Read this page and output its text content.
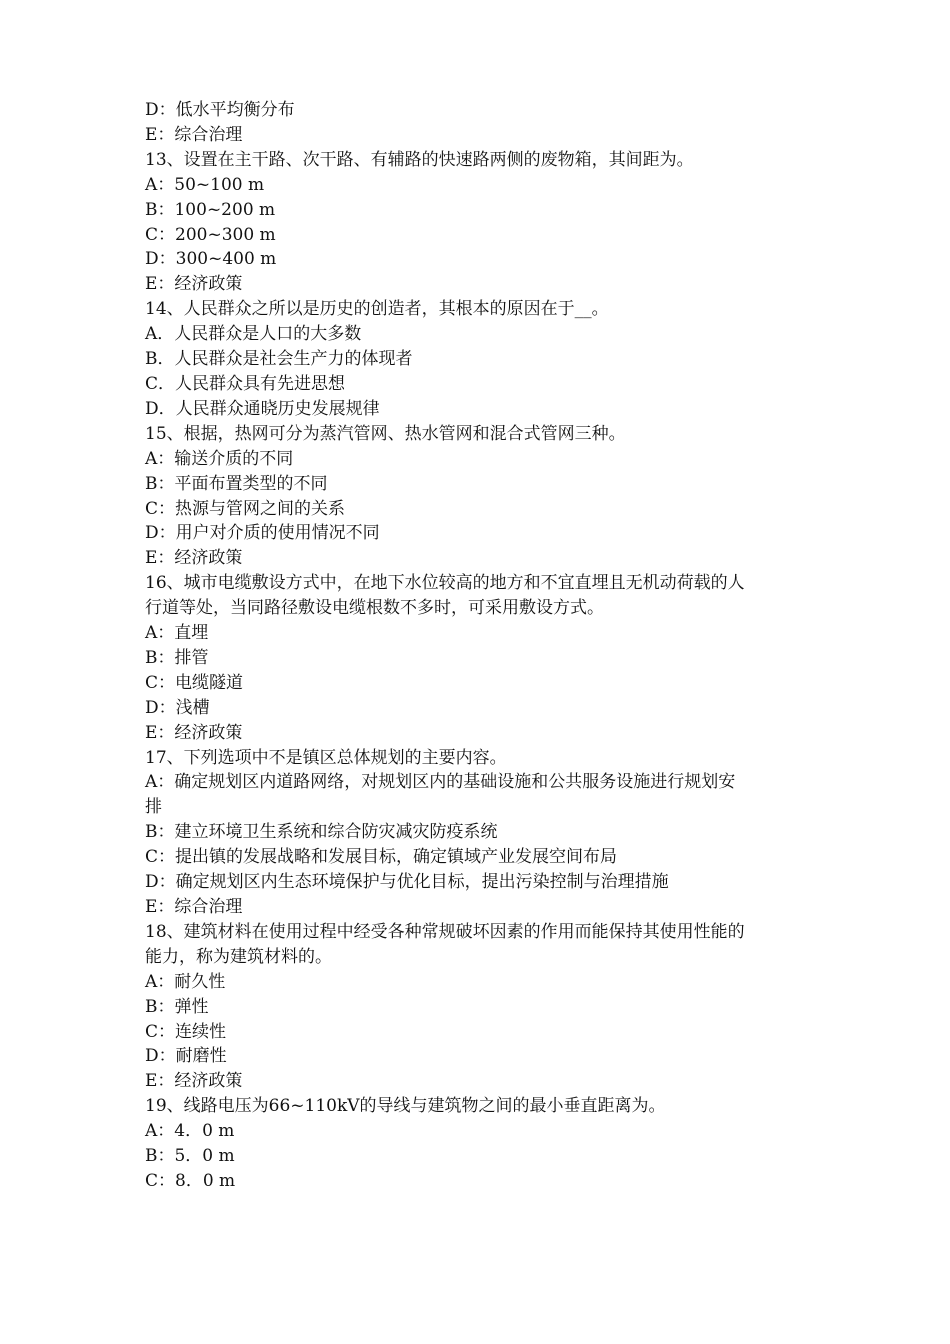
D：低水平均衡分布
E：综合治理
13、设置在主干路、次干路、有辅路的快速路两侧的废物箱，其间距为。
A：50~100 m
B：100~200 m
C：200~300 m
D：300~400 m
E：经济政策
14、人民群众之所以是历史的创造者，其根本的原因在于__。
A．人民群众是人口的大多数
B．人民群众是社会生产力的体现者
C．人民群众具有先进思想
D．人民群众通晓历史发展规律
15、根据，热网可分为蒸汽管网、热水管网和混合式管网三种。
A：输送介质的不同
B：平面布置类型的不同
C：热源与管网之间的关系
D：用户对介质的使用情况不同
E：经济政策
16、城市电缆敷设方式中，在地下水位较高的地方和不宜直埋且无机动荷载的人
行道等处，当同路径敷设电缆根数不多时，可采用敷设方式。
A：直埋
B：排管
C：电缆隧道
D：浅槽
E：经济政策
17、下列选项中不是镇区总体规划的主要内容。
A：确定规划区内道路网络，对规划区内的基础设施和公共服务设施进行规划安
排
B：建立环境卫生系统和综合防灾减灾防疫系统
C：提出镇的发展战略和发展目标，确定镇域产业发展空间布局
D：确定规划区内生态环境保护与优化目标，提出污染控制与治理措施
E：综合治理
18、建筑材料在使用过程中经受各种常规破坏因素的作用而能保持其使用性能的
能力，称为建筑材料的。
A：耐久性
B：弹性
C：连续性
D：耐磨性
E：经济政策
19、线路电压为66~110kV的导线与建筑物之间的最小垂直距离为。
A：4．0 m
B：5．0 m
C：8．0 m
